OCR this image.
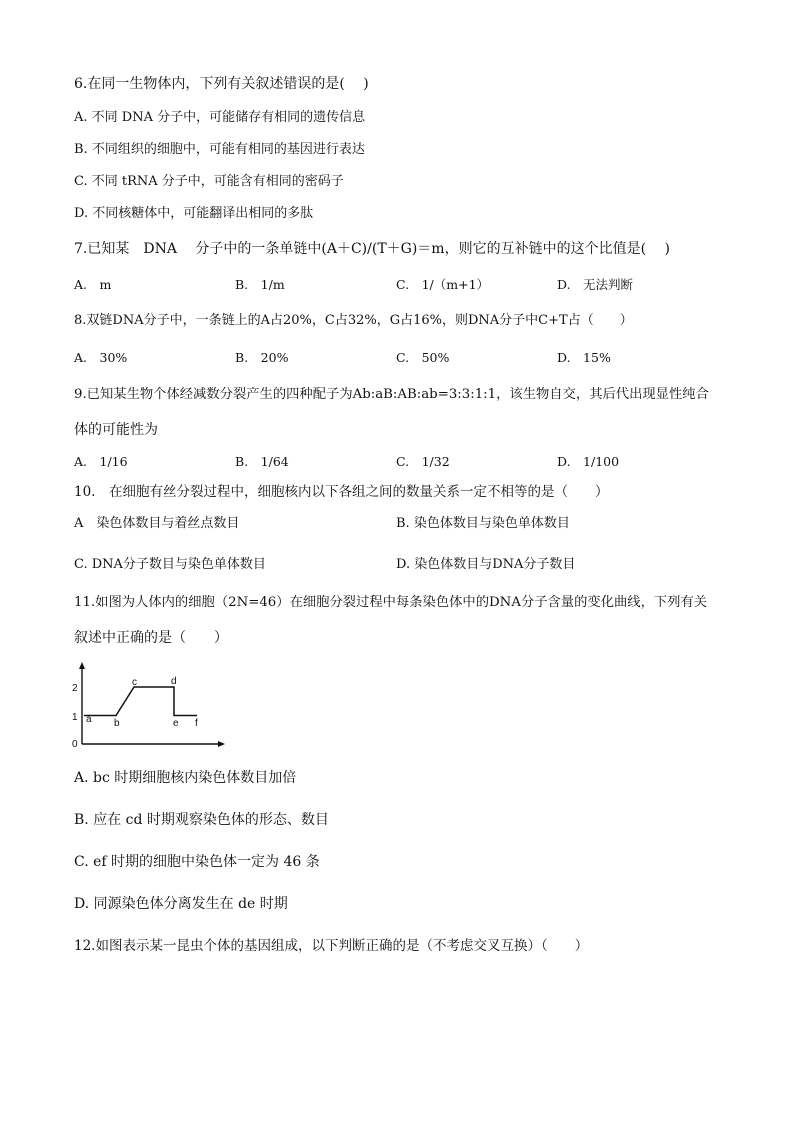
6.在同一生物体内，下列有关叙述错误的是(　 )
A. 不同 DNA 分子中，可能储存有相同的遗传信息
B. 不同组织的细胞中，可能有相同的基因进行表达
C. 不同 tRNA 分子中，可能含有相同的密码子
D. 不同核糖体中，可能翻译出相同的多肽
7.已知某　DNA　 分子中的一条单链中(A＋C)/(T＋G)＝m，则它的互补链中的这个比值是(　 )
A.　m	B.　1/m	C.　1/（m+1）	D.　无法判断
8.双链DNA分子中，一条链上的A占20%，C占32%，G占16%，则DNA分子中C+T占（　　）
A.　30%	B.　20%	C.　50%	D.　15%
9.已知某生物个体经减数分裂产生的四种配子为Ab:aB:AB:ab=3:3:1:1，该生物自交，其后代出现显性纯合
体的可能性为
A.　1/16	B.　1/64	C.　1/32	D.　1/100
10.　在细胞有丝分裂过程中，细胞核内以下各组之间的数量关系一定不相等的是（　　）
A　染色体数目与着丝点数目	B. 染色体数目与染色单体数目
C. DNA分子数目与染色单体数目	D. 染色体数目与DNA分子数目
11.如图为人体内的细胞（2N=46）在细胞分裂过程中每条染色体中的DNA分子含量的变化曲线，下列有关
叙述中正确的是（　　）
0
1
2
a b
c	d
e f
A. bc 时期细胞核内染色体数目加倍
B. 应在 cd 时期观察染色体的形态、数目
C. ef 时期的细胞中染色体一定为 46 条
D. 同源染色体分离发生在 de 时期
12.如图表示某一昆虫个体的基因组成，以下判断正确的是（不考虑交叉互换）（　　）
